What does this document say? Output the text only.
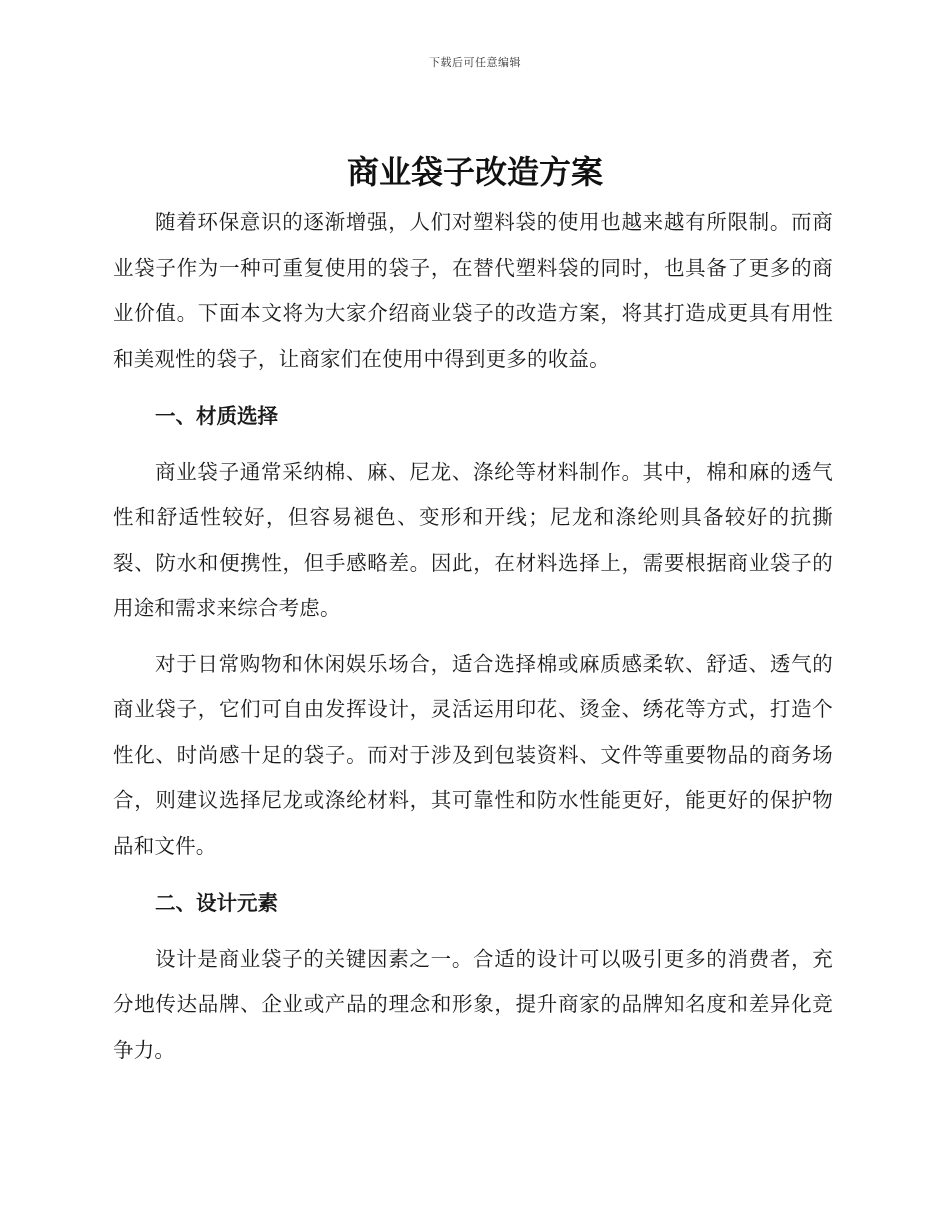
下载后可任意编辑
商业袋子改造方案

随着环保意识的逐渐增强，人们对塑料袋的使用也越来越有所限制。而商业袋子作为一种可重复使用的袋子，在替代塑料袋的同时，也具备了更多的商业价值。下面本文将为大家介绍商业袋子的改造方案，将其打造成更具有用性和美观性的袋子，让商家们在使用中得到更多的收益。

一、材质选择

商业袋子通常采纳棉、麻、尼龙、涤纶等材料制作。其中，棉和麻的透气性和舒适性较好，但容易褪色、变形和开线；尼龙和涤纶则具备较好的抗撕裂、防水和便携性，但手感略差。因此，在材料选择上，需要根据商业袋子的用途和需求来综合考虑。

对于日常购物和休闲娱乐场合，适合选择棉或麻质感柔软、舒适、透气的商业袋子，它们可自由发挥设计，灵活运用印花、烫金、绣花等方式，打造个性化、时尚感十足的袋子。而对于涉及到包装资料、文件等重要物品的商务场合，则建议选择尼龙或涤纶材料，其可靠性和防水性能更好，能更好的保护物品和文件。

二、设计元素

设计是商业袋子的关键因素之一。合适的设计可以吸引更多的消费者，充分地传达品牌、企业或产品的理念和形象，提升商家的品牌知名度和差异化竞争力。
